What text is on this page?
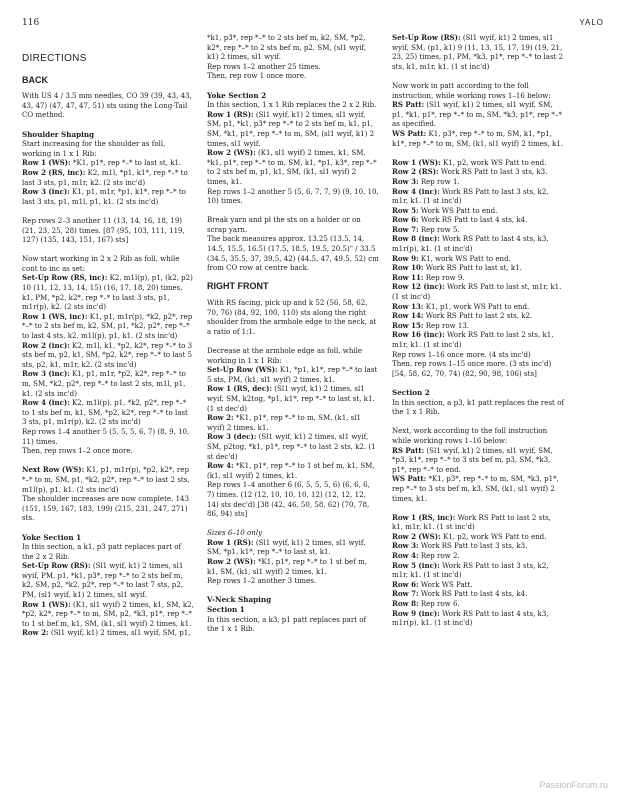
116	YALO
DIRECTIONS
BACK

With US 4 / 3.5 mm needles, CO 39 (39, 43, 43, 43, 47) (47, 47, 47, 51) sts using the Long-Tail CO method.

Shoulder Shaping

Start increasing for the shoulder as foll, working in 1 x 1 Rib:
Row 1 (WS): *K1, p1*, rep *–* to last st, k1.
Row 2 (RS, inc): K2, m1l, *p1, k1*, rep *–* to last 3 sts, p1, m1r, k2. (2 sts inc'd)
Row 3 (inc): K1, p1, m1r, *p1, k1*, rep *–* to last 3 sts, p1, m1l, p1, k1. (2 sts inc'd)

Rep rows 2–3 another 11 (13, 14, 16, 18, 19) (21, 23, 25, 28) times. [87 (95, 103, 111, 119, 127) (135, 143, 151, 167) sts]

Now start working in 2 x 2 Rib as foll, while cont to inc as set:
Set-Up Row (RS, inc): K2, m1l(p), p1, (k2, p2) 10 (11, 12, 13, 14, 15) (16, 17, 18, 20) times, k1, PM, *p2, k2*, rep *–* to last 3 sts, p1, m1r(p), k2. (2 sts inc'd)
Row 1 (WS, inc): K1, p1, m1r(p), *k2, p2*, rep *–* to 2 sts bef m, k2, SM, p1, *k2, p2*, rep *–* to last 4 sts, k2, m1l(p), p1, k1. (2 sts inc'd)
Row 2 (inc): K2, m1l, k1, *p2, k2*, rep *–* to 3 sts bef m, p2, k1, SM, *p2, k2*, rep *–* to last 5 sts, p2, k1, m1r, k2. (2 sts inc'd)
Row 3 (inc): K1, p1, m1r, *p2, k2*, rep *–* to m, SM, *k2, p2*, rep *–* to last 2 sts, m1l, p1, k1. (2 sts inc'd)
Row 4 (inc): K2, m1l(p), p1, *k2, p2*, rep *–* to 1 sts bef m, k1, SM, *p2, k2*, rep *–* to last 3 sts, p1, m1r(p), k2. (2 sts inc'd)
Rep rows 1–4 another 5 (5, 5, 5, 6, 7) (8, 9, 10, 11) times.
Then, rep rows 1–2 once more.

Next Row (WS): K1, p1, m1r(p), *p2, k2*, rep *–* to m, SM, p1, *k2, p2*, rep *–* to last 2 sts, m1l(p), p1, k1. (2 sts inc'd)
The shoulder increases are now complete. 143 (151, 159, 167, 183, 199) (215, 231, 247, 271) sts.

Yoke Section 1

In this section, a k1, p3 patt replaces part of the 2 x 2 Rib.
Set-Up Row (RS): (Sl1 wyif, k1) 2 times, sl1 wyif, PM, p1, *k1, p3*, rep *–* to 2 sts bef m, k2, SM, p2, *k2, p2*, rep *–* to last 7 sts, p2, PM, (sl1 wyif, k1) 2 times, sl1 wyif.
Row 1 (WS): (K1, sl1 wyif) 2 times, k1, SM, k2, *p2, k2*, rep *–* to m, SM, p2, *k3, p1*, rep *–* to 1 st bef m, k1, SM, (k1, sl1 wyif) 2 times, k1.
Row 2: (Sl1 wyif, k1) 2 times, sl1 wyif, SM, p1,

*k1, p3*, rep *–* to 2 sts bef m, k2, SM, *p2, k2*, rep *–* to 2 sts bef m, p2, SM, (sl1 wyif, k1) 2 times, sl1 wyif.
Rep rows 1–2 another 25 times.
Then, rep row 1 once more.

Yoke Section 2

In this section, 1 x 1 Rib replaces the 2 x 2 Rib.
Row 1 (RS): (Sl1 wyif, k1) 2 times, sl1 wyif, SM, p1, *k1, p3* rep *–* to 2 sts bef m, k1, p1, SM, *k1, p1*, rep *–* to m, SM, (sl1 wyif, k1) 2 times, sl1 wyif.
Row 2 (WS): (K1, sl1 wyif) 2 times, k1, SM, *k1, p1*, rep *–* to m, SM, k1, *p1, k3*, rep *–* to 2 sts bef m, p1, k1, SM, (k1, sl1 wyif) 2 times, k1.
Rep rows 1–2 another 5 (5, 6, 7, 7, 9) (9, 10, 10, 10) times.

Break yarn and pl the sts on a holder or on scrap yarn.
The back measures approx. 13.25 (13.5, 14, 14.5, 15.5, 16.5) (17.5, 18.5, 19.5, 20.5)" / 33.5 (34.5, 35.5, 37, 39.5, 42) (44.5, 47, 49.5, 52) cm from CO row at centre back.

RIGHT FRONT

With RS facing, pick up and k 52 (56, 58, 62, 70, 76) (84, 92, 100, 110) sts along the right shoulder from the armhole edge to the neck, at a ratio of 1:1.

Decrease at the armhole edge as foll, while working in 1 x 1 Rib:
Set-Up Row (WS): K1, *p1, k1*, rep *–* to last 5 sts, PM, (k1, sl1 wyif) 2 times, k1.
Row 1 (RS, dec): (Sl1 wyif, k1) 2 times, sl1 wyif, SM, k2tog, *p1, k1*, rep *–* to last st, k1. (1 st dec'd)
Row 2: *K1, p1*, rep *–* to m, SM, (k1, sl1 wyif) 2 times, k1.
Row 3 (dec): (Sl1 wyif, k1) 2 times, sl1 wyif, SM, p2tog, *k1, p1*, rep *–* to last 2 sts, k2. (1 st dec'd)
Row 4: *K1, p1*, rep *–* to 1 st bef m, k1, SM, (k1, sl1 wyif) 2 times, k1.
Rep rows 1–4 another 6 (6, 5, 5, 5, 6) (6, 6, 6, 7) times. (12 (12, 10, 10, 10, 12) (12, 12, 12, 14) sts dec'd) [38 (42, 46, 50, 58, 62) (70, 78, 86, 94) sts]

Sizes 6–10 only
Row 1 (RS): (Sl1 wyif, k1) 2 times, sl1 wyif, SM, *p1, k1*, rep *–* to last st, k1.
Row 2 (WS): *K1, p1*, rep *–* to 1 st bef m, k1, SM, (k1, sl1 wyif) 2 times, k1.
Rep rows 1–2 another 3 times.

V-Neck Shaping
Section 1

In this section, a k3, p1 patt replaces part of the 1 x 1 Rib.

Set-Up Row (RS): (Sl1 wyif, k1) 2 times, sl1 wyif, SM, (p1, k1) 9 (11, 13, 15, 17, 19) (19, 21, 23, 25) times, p1, PM, *k3, p1*, rep *–* to last 2 sts, k1, m1r, k1. (1 st inc'd)

Now work in patt according to the foll instruction, while working rows 1–16 below:
RS Patt: (Sl1 wyif, k1) 2 times, sl1 wyif, SM, p1, *k1, p1*, rep *–* to m, SM, *k3, p1*, rep *–* as specified.
WS Patt: K1, p3*, rep *–* to m, SM, k1, *p1, k1*, rep *–* to m, SM, (k1, sl1 wyif) 2 times, k1.

Row 1 (WS): K1, p2, work WS Patt to end.
Row 2 (RS): Work RS Patt to last 3 sts, k3.
Row 3: Rep row 1.
Row 4 (inc): Work RS Patt to last 3 sts, k2, m1r, k1. (1 st inc'd)
Row 5: Work WS Patt to end.
Row 6: Work RS Patt to last 4 sts, k4.
Row 7: Rep row 5.
Row 8 (inc): Work RS Patt to last 4 sts, k3, m1r(p), k1. (1 st inc'd)
Row 9: K1, work WS Patt to end.
Row 10: Work RS Patt to last st, k1.
Row 11: Rep row 9.
Row 12 (inc): Work RS Patt to last st, m1r, k1. (1 st inc'd)
Row 13: K1, p1, work WS Patt to end.
Row 14: Work RS Patt to last 2 sts, k2.
Row 15: Rep row 13.
Row 16 (inc): Work RS Patt to last 2 sts, k1, m1r, k1. (1 st inc'd)
Rep rows 1–16 once more. (4 sts inc'd)
Then, rep rows 1–15 once more. (3 sts inc'd) [54, 58, 62, 70, 74) (82, 90, 98, 106) sts]

Section 2

In this section, a p3, k1 patt replaces the rest of the 1 x 1 Rib.

Next, work according to the foll instruction while working rows 1–16 below:
RS Patt: (Sl1 wyif, k1) 2 times, sl1 wyif, SM, *p3, k1*, rep *–* to 3 sts bef m, p3, SM, *k3, p1*, rep *–* to end.
WS Patt: *K1, p3*, rep *–* to m, SM, *k3, p1*, rep *–* to 3 sts bef m, k3, SM, (k1, sl1 wyif) 2 times, k1.

Row 1 (RS, inc): Work RS Patt to last 2 sts, k1, m1r, k1. (1 st inc'd)
Row 2 (WS): K1, p2, work WS Patt to end.
Row 3: Work RS Patt to last 3 sts, k3.
Row 4: Rep row 2.
Row 5 (inc): Work RS Patt to last 3 sts, k2, m1r, k1. (1 st inc'd)
Row 6: Work WS Patt.
Row 7: Work RS Patt to last 4 sts, k4.
Row 8: Rep row 6.
Row 9 (inc): Work RS Patt to last 4 sts, k3, m1r(p), k1. (1 st inc'd)

PassionForum.ru
